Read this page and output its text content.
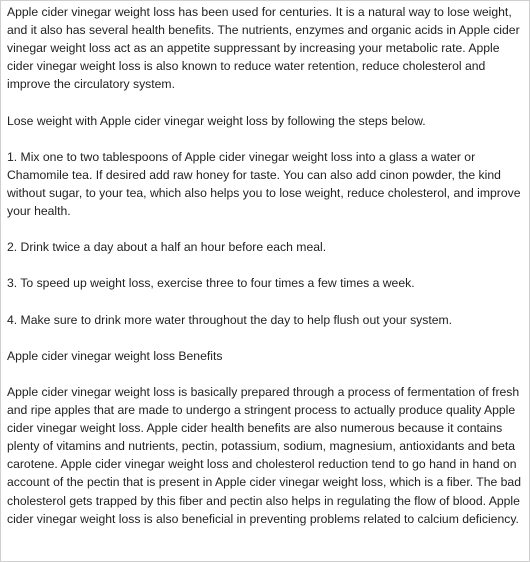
Apple cider vinegar weight loss has been used for centuries. It is a natural way to lose weight, and it also has several health benefits. The nutrients, enzymes and organic acids in Apple cider vinegar weight loss act as an appetite suppressant by increasing your metabolic rate. Apple cider vinegar weight loss is also known to reduce water retention, reduce cholesterol and improve the circulatory system.

Lose weight with Apple cider vinegar weight loss by following the steps below.

1. Mix one to two tablespoons of Apple cider vinegar weight loss into a glass a water or Chamomile tea. If desired add raw honey for taste. You can also add cinon powder, the kind without sugar, to your tea, which also helps you to lose weight, reduce cholesterol, and improve your health.

2. Drink twice a day about a half an hour before each meal.

3. To speed up weight loss, exercise three to four times a few times a week.

4. Make sure to drink more water throughout the day to help flush out your system.

Apple cider vinegar weight loss Benefits

Apple cider vinegar weight loss is basically prepared through a process of fermentation of fresh and ripe apples that are made to undergo a stringent process to actually produce quality Apple cider vinegar weight loss. Apple cider health benefits are also numerous because it contains plenty of vitamins and nutrients, pectin, potassium, sodium, magnesium, antioxidants and beta carotene. Apple cider vinegar weight loss and cholesterol reduction tend to go hand in hand on account of the pectin that is present in Apple cider vinegar weight loss, which is a fiber. The bad cholesterol gets trapped by this fiber and pectin also helps in regulating the flow of blood. Apple cider vinegar weight loss is also beneficial in preventing problems related to calcium deficiency.
